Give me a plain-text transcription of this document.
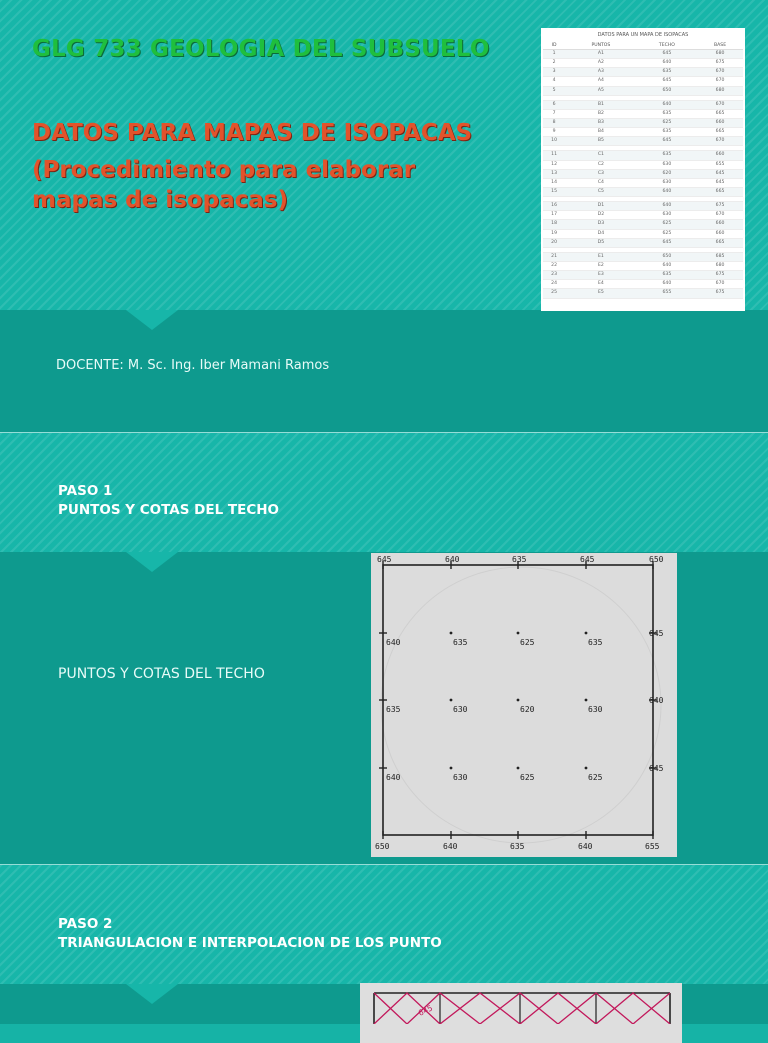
GLG 733 GEOLOGIA DEL SUBSUELO
DATOS PARA MAPAS DE ISOPACAS
(Procedimiento para elaborar mapas de isopacas)
DATOS PARA UN MAPA DE ISOPACAS
ID	PUNTOS	TECHO	BASE
1	A1	645	680
2	A2	640	675
3	A3	635	670
4	A4	645	670
5	A5	650	680

6	B1	640	670
7	B2	635	665
8	B3	625	660
9	B4	635	665
10	B5	645	670

11	C1	635	660
12	C2	630	655
13	C3	620	645
14	C4	630	645
15	C5	640	665

16	D1	640	675
17	D2	630	670
18	D3	625	660
19	D4	625	660
20	D5	645	665

21	E1	650	685
22	E2	640	680
23	E3	635	675
24	E4	640	670
25	E5	655	675
DOCENTE: M. Sc. Ing. Iber Mamani Ramos
PASO 1
PUNTOS Y COTAS DEL TECHO
PUNTOS Y COTAS DEL TECHO
645	640	635	645	650
640	635	625	635
645
635	630	620	630
640
640	630	625	625
645
650	640	635	640	655
PASO 2
TRIANGULACION E INTERPOLACION DE LOS PUNTO
645
